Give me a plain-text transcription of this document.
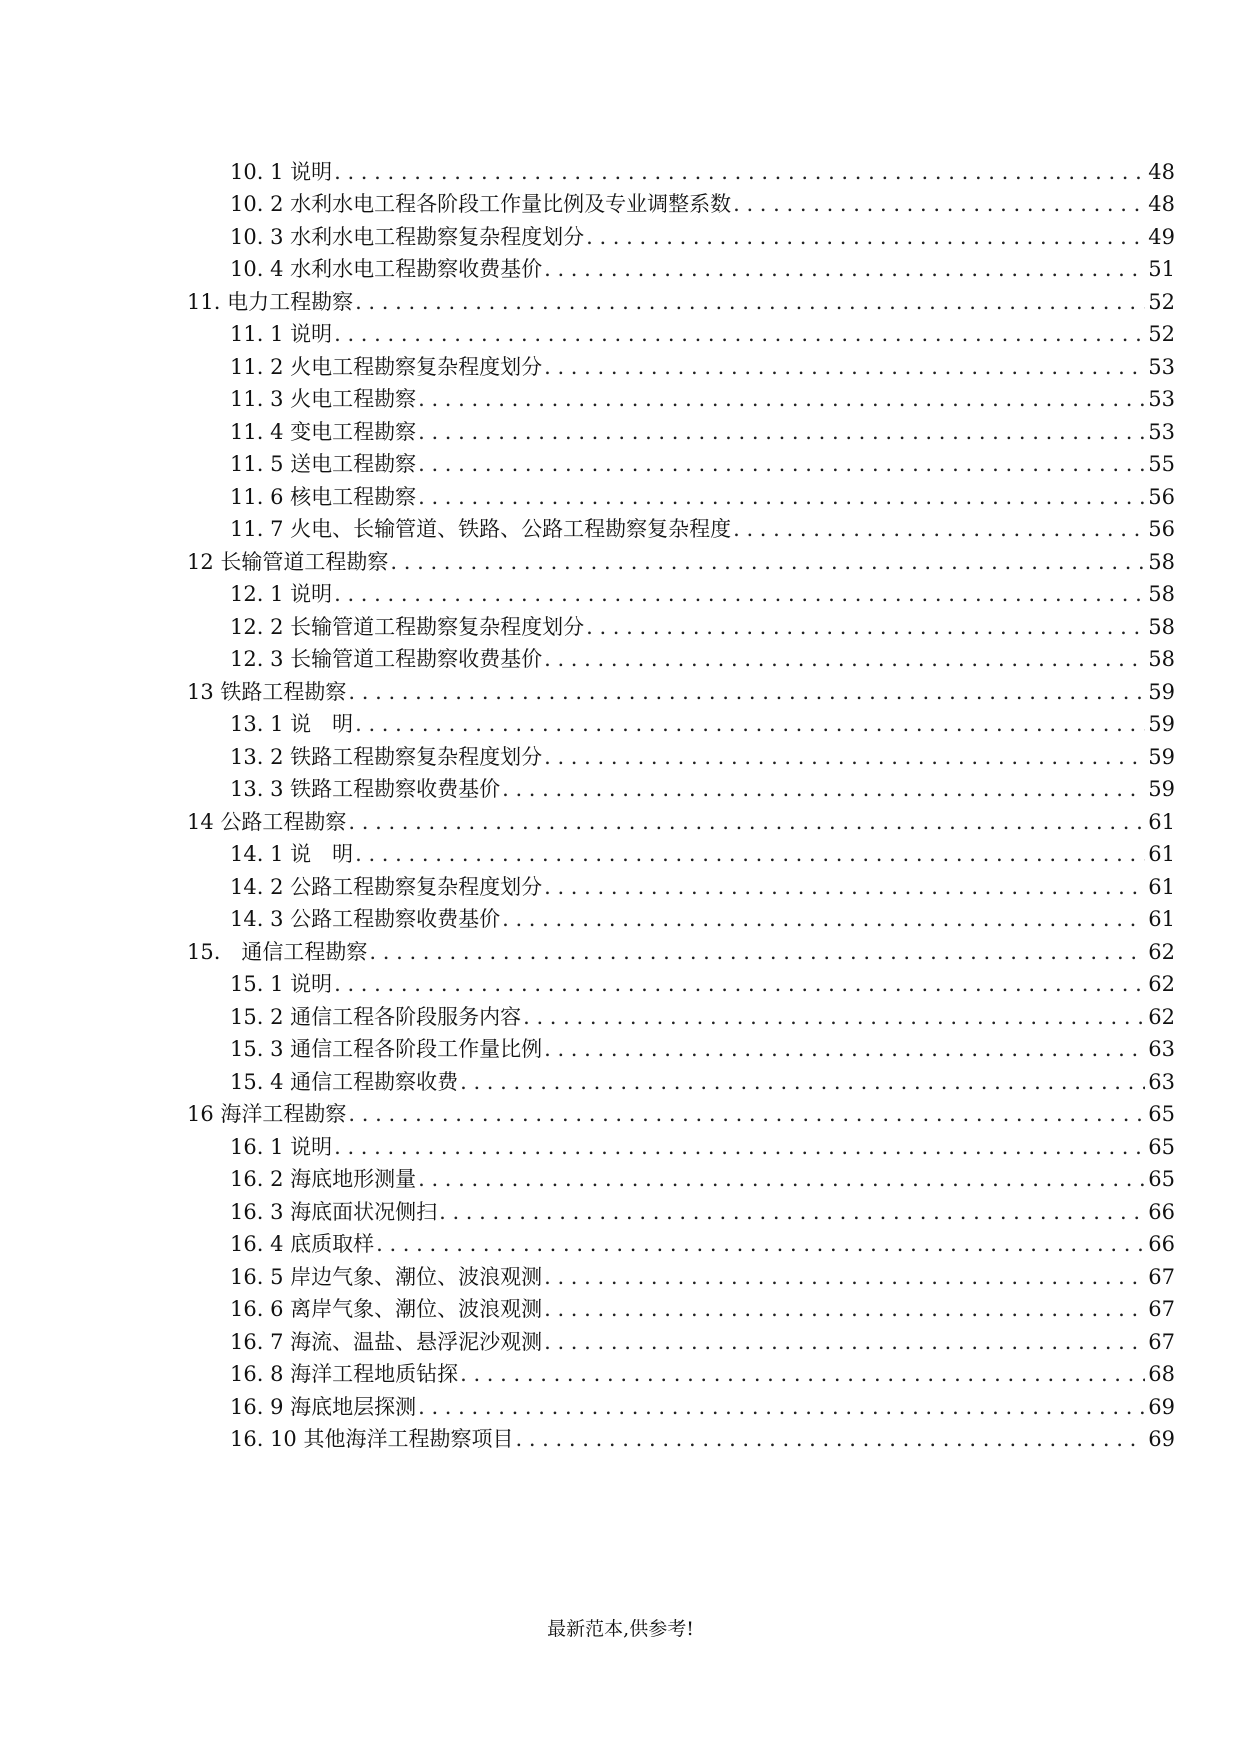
10. 1 说明 . . .	48
10. 2 水利水电工程各阶段工作量比例及专业调整系数 . . .	48
10. 3 水利水电工程勘察复杂程度划分 . . .	49
10. 4 水利水电工程勘察收费基价 . . .	51
11. 电力工程勘察 . . .	52
11. 1 说明 . . .	52
11. 2 火电工程勘察复杂程度划分 . . .	53
11. 3 火电工程勘察 . . .	53
11. 4 变电工程勘察 . . .	53
11. 5 送电工程勘察 . . .	55
11. 6 核电工程勘察 . . .	56
11. 7 火电、长输管道、铁路、公路工程勘察复杂程度 . . .	56
12 长输管道工程勘察 . . .	58
12. 1 说明 . . .	58
12. 2 长输管道工程勘察复杂程度划分 . . .	58
12. 3 长输管道工程勘察收费基价 . . .	58
13 铁路工程勘察 . . .	59
13. 1 说　明 . . .	59
13. 2 铁路工程勘察复杂程度划分 . . .	59
13. 3 铁路工程勘察收费基价 . . .	59
14 公路工程勘察 . . .	61
14. 1 说　明 . . .	61
14. 2 公路工程勘察复杂程度划分 . . .	61
14. 3 公路工程勘察收费基价 . . .	61
15.　通信工程勘察 . . .	62
15. 1 说明 . . .	62
15. 2 通信工程各阶段服务内容 . . .	62
15. 3 通信工程各阶段工作量比例 . . .	63
15. 4 通信工程勘察收费 . . .	63
16 海洋工程勘察 . . .	65
16. 1 说明 . . .	65
16. 2 海底地形测量 . . .	65
16. 3 海底面状况侧扫 . . .	66
16. 4 底质取样 . . .	66
16. 5 岸边气象、潮位、波浪观测 . . .	67
16. 6 离岸气象、潮位、波浪观测 . . .	67
16. 7 海流、温盐、悬浮泥沙观测 . . .	67
16. 8 海洋工程地质钻探 . . .	68
16. 9 海底地层探测 . . .	69
16. 10 其他海洋工程勘察项目 . . .	69
最新范本,供参考!
